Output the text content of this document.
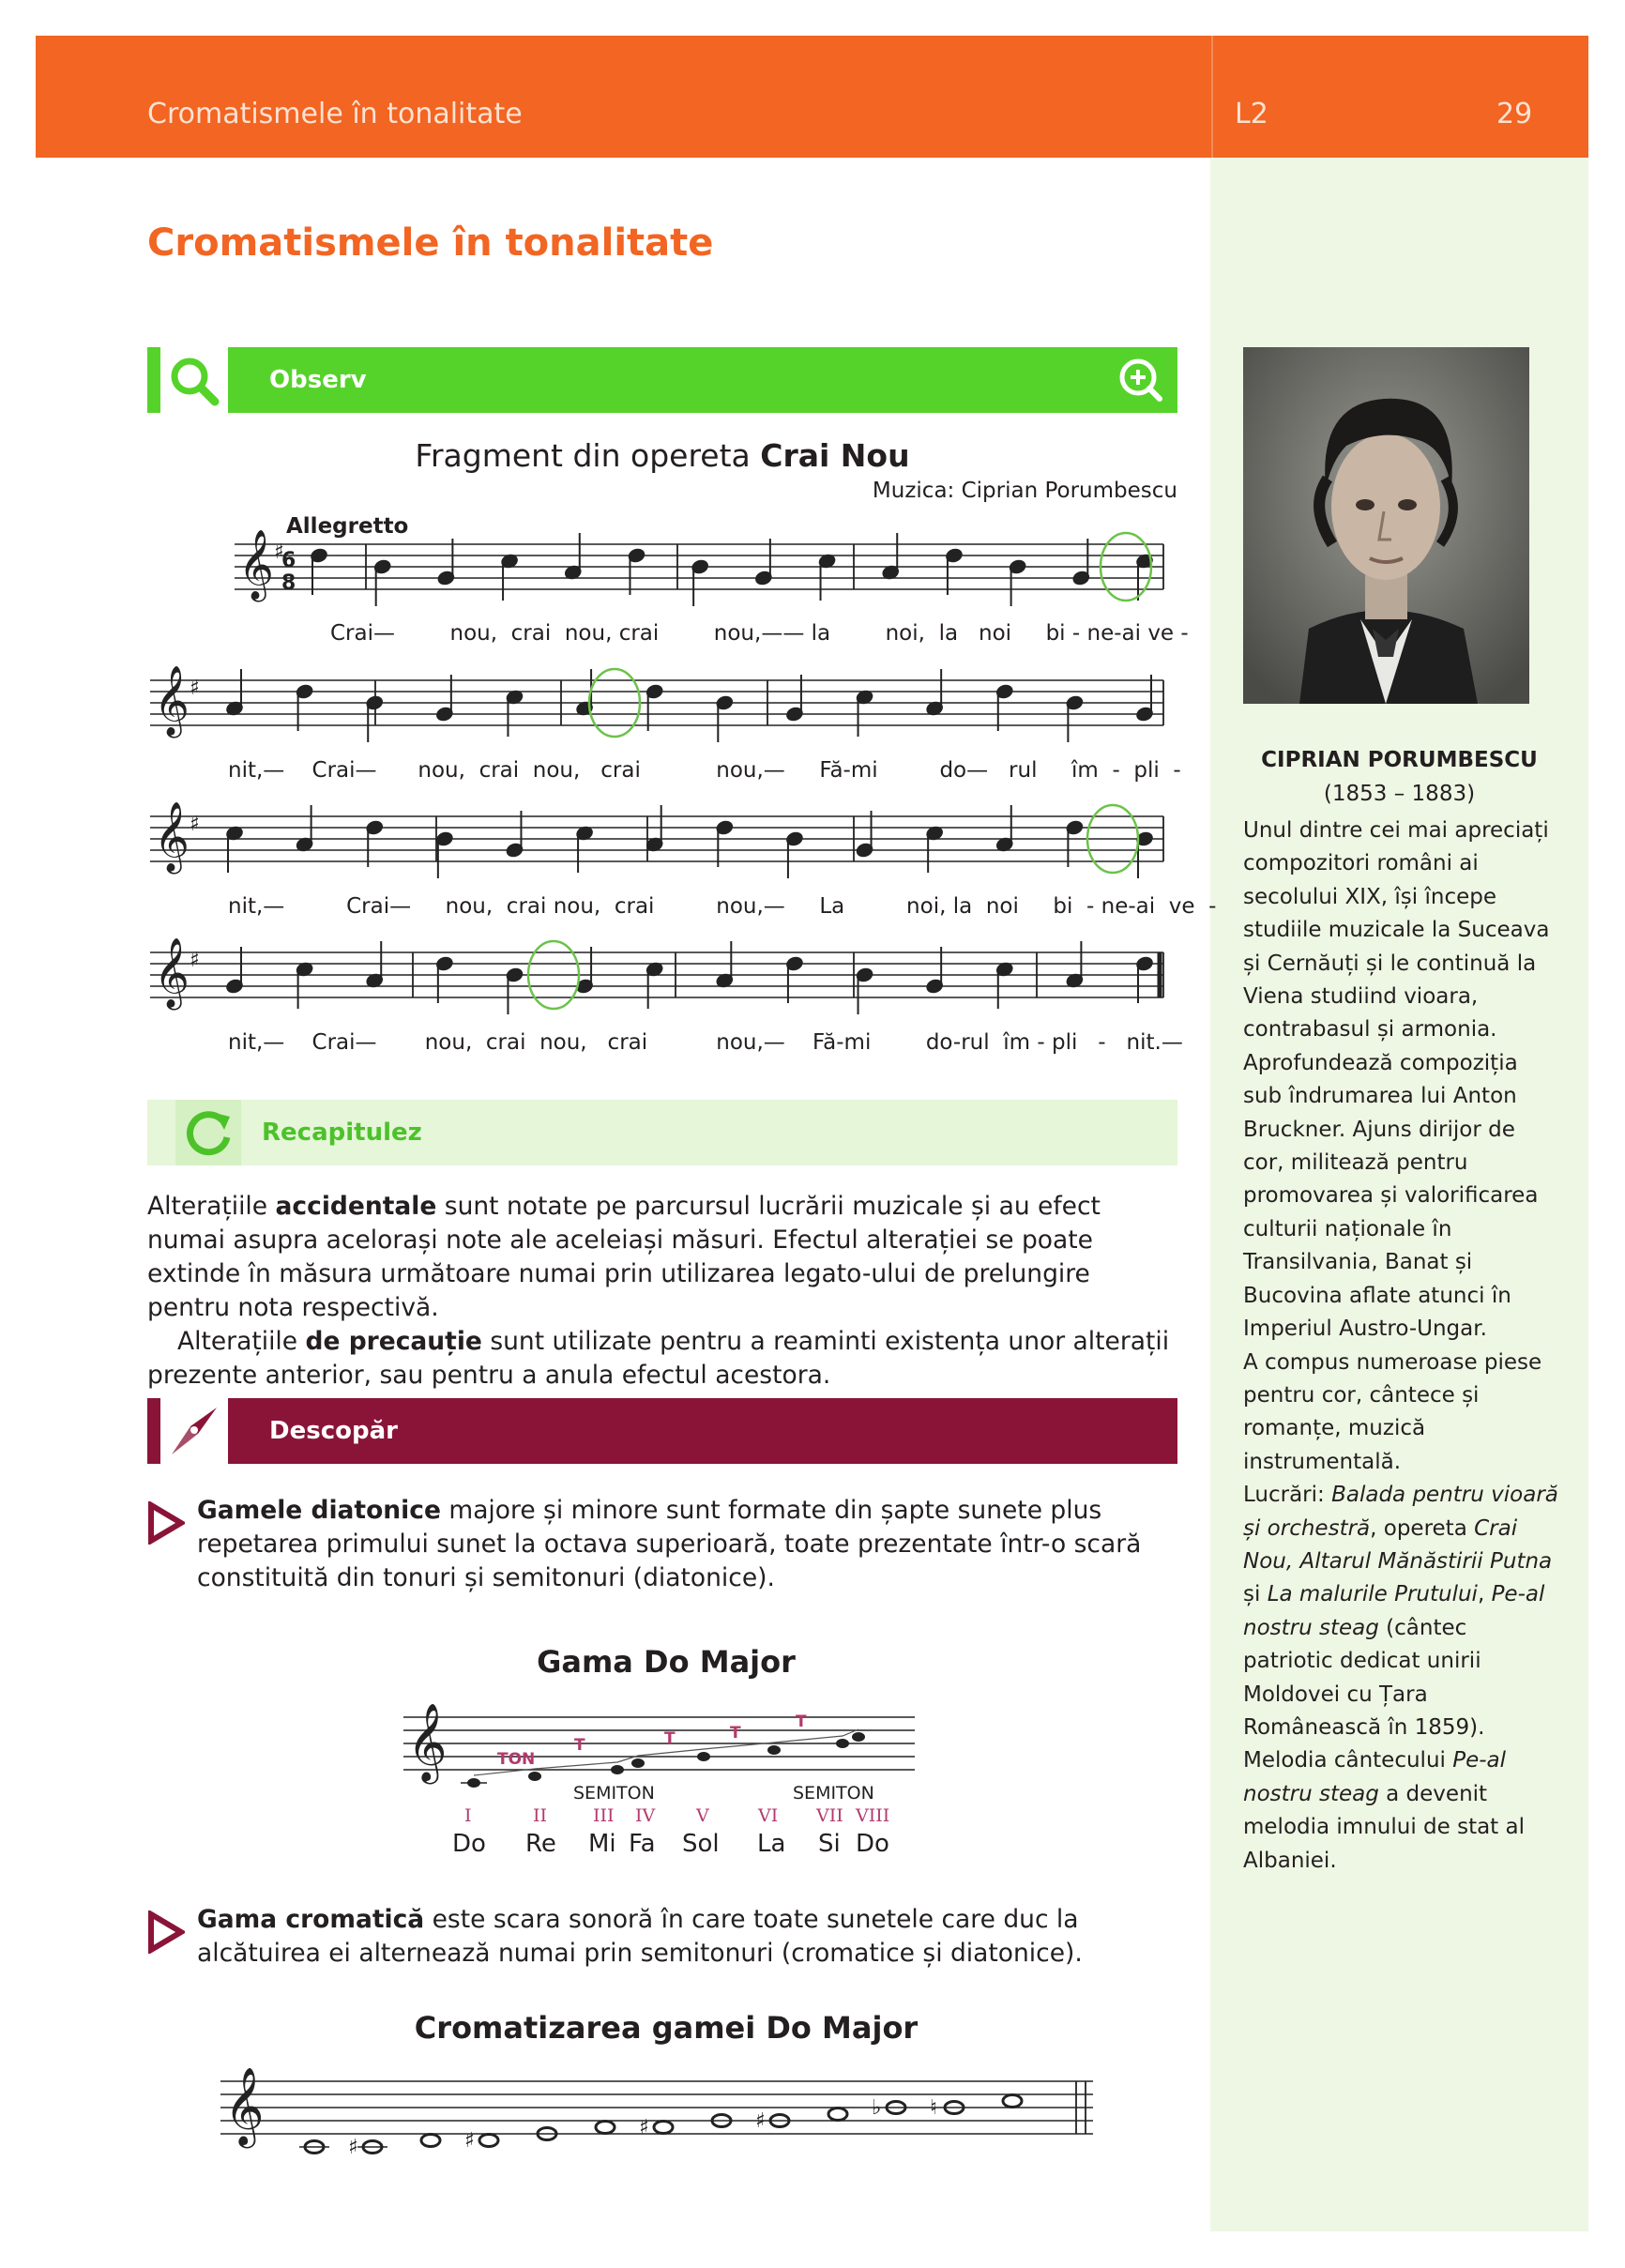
Cromatismele în tonalitate	L2	29
Cromatismele în tonalitate
Observ
Fragment din opereta Crai Nou
Muzica: Ciprian Porumbescu
Allegretto
𝄞 ♯
6
8
𝄞 ♯
𝄞 ♯
𝄞 ♯
Crai—        nou,  crai  nou, crai        nou,—— la        noi,  la   noi     bi - ne-ai ve -
nit,—    Crai—      nou,  crai  nou,   crai           nou,—     Fă-mi         do—   rul     îm  -  pli  -
nit,—         Crai—     nou,  crai nou,  crai         nou,—     La         noi, la  noi     bi  - ne-ai  ve  -
nit,—    Crai—       nou,  crai  nou,   crai          nou,—    Fă-mi        do-rul  îm - pli   -   nit.—
Recapitulez

Alterațiile accidentale sunt notate pe parcursul lucrării muzicale și au efect numai asupra acelorași note ale aceleiași măsuri. Efectul alterației se poate extinde în măsura următoare numai prin utilizarea legato-ului de prelungire pentru nota respectivă.

Alterațiile de precauție sunt utilizate pentru a reaminti existența unor alterații prezente anterior, sau pentru a anula efectul acestora.

Descopăr
Gamele diatonice majore și minore sunt formate din șapte sunete plus repetarea primului sunet la octava superioară, toate prezentate într-o scară constituită din tonuri și semitonuri (diatonice).
Gama Do Major
𝄞	TON
T	T	T
T
SEMITON	SEMITON
I	II	III IV V	VI VII VIII
Do Re Mi Fa Sol La Si Do
Gama cromatică este scara sonoră în care toate sunetele care duc la alcătuirea ei alternează numai prin semitonuri (cromatice și diatonice).
Cromatizarea gamei Do Major
𝄞
♯	♯
♯	♯
♭ ♮
CIPRIAN PORUMBESCU
(1853 – 1883)
Unul dintre cei mai apreciați compozitori români ai secolului XIX, își începe studiile muzicale la Suceava și Cernăuți și le continuă la Viena studiind vioara, contrabasul și armonia. Aprofundează compoziția sub îndrumarea lui Anton Bruckner. Ajuns dirijor de cor, militează pentru promovarea și valorificarea culturii naționale în Transilvania, Banat și Bucovina aflate atunci în Imperiul Austro-Ungar.
A compus numeroase piese pentru cor, cântece și romanțe, muzică instrumentală.
Lucrări: Balada pentru vioară și orchestră, opereta Crai Nou, Altarul Mănăstirii Putna și La malurile Prutului, Pe-al nostru steag (cântec patriotic dedicat unirii Moldovei cu Țara Românească în 1859). Melodia cântecului Pe-al nostru steag a devenit melodia imnului de stat al Albaniei.
